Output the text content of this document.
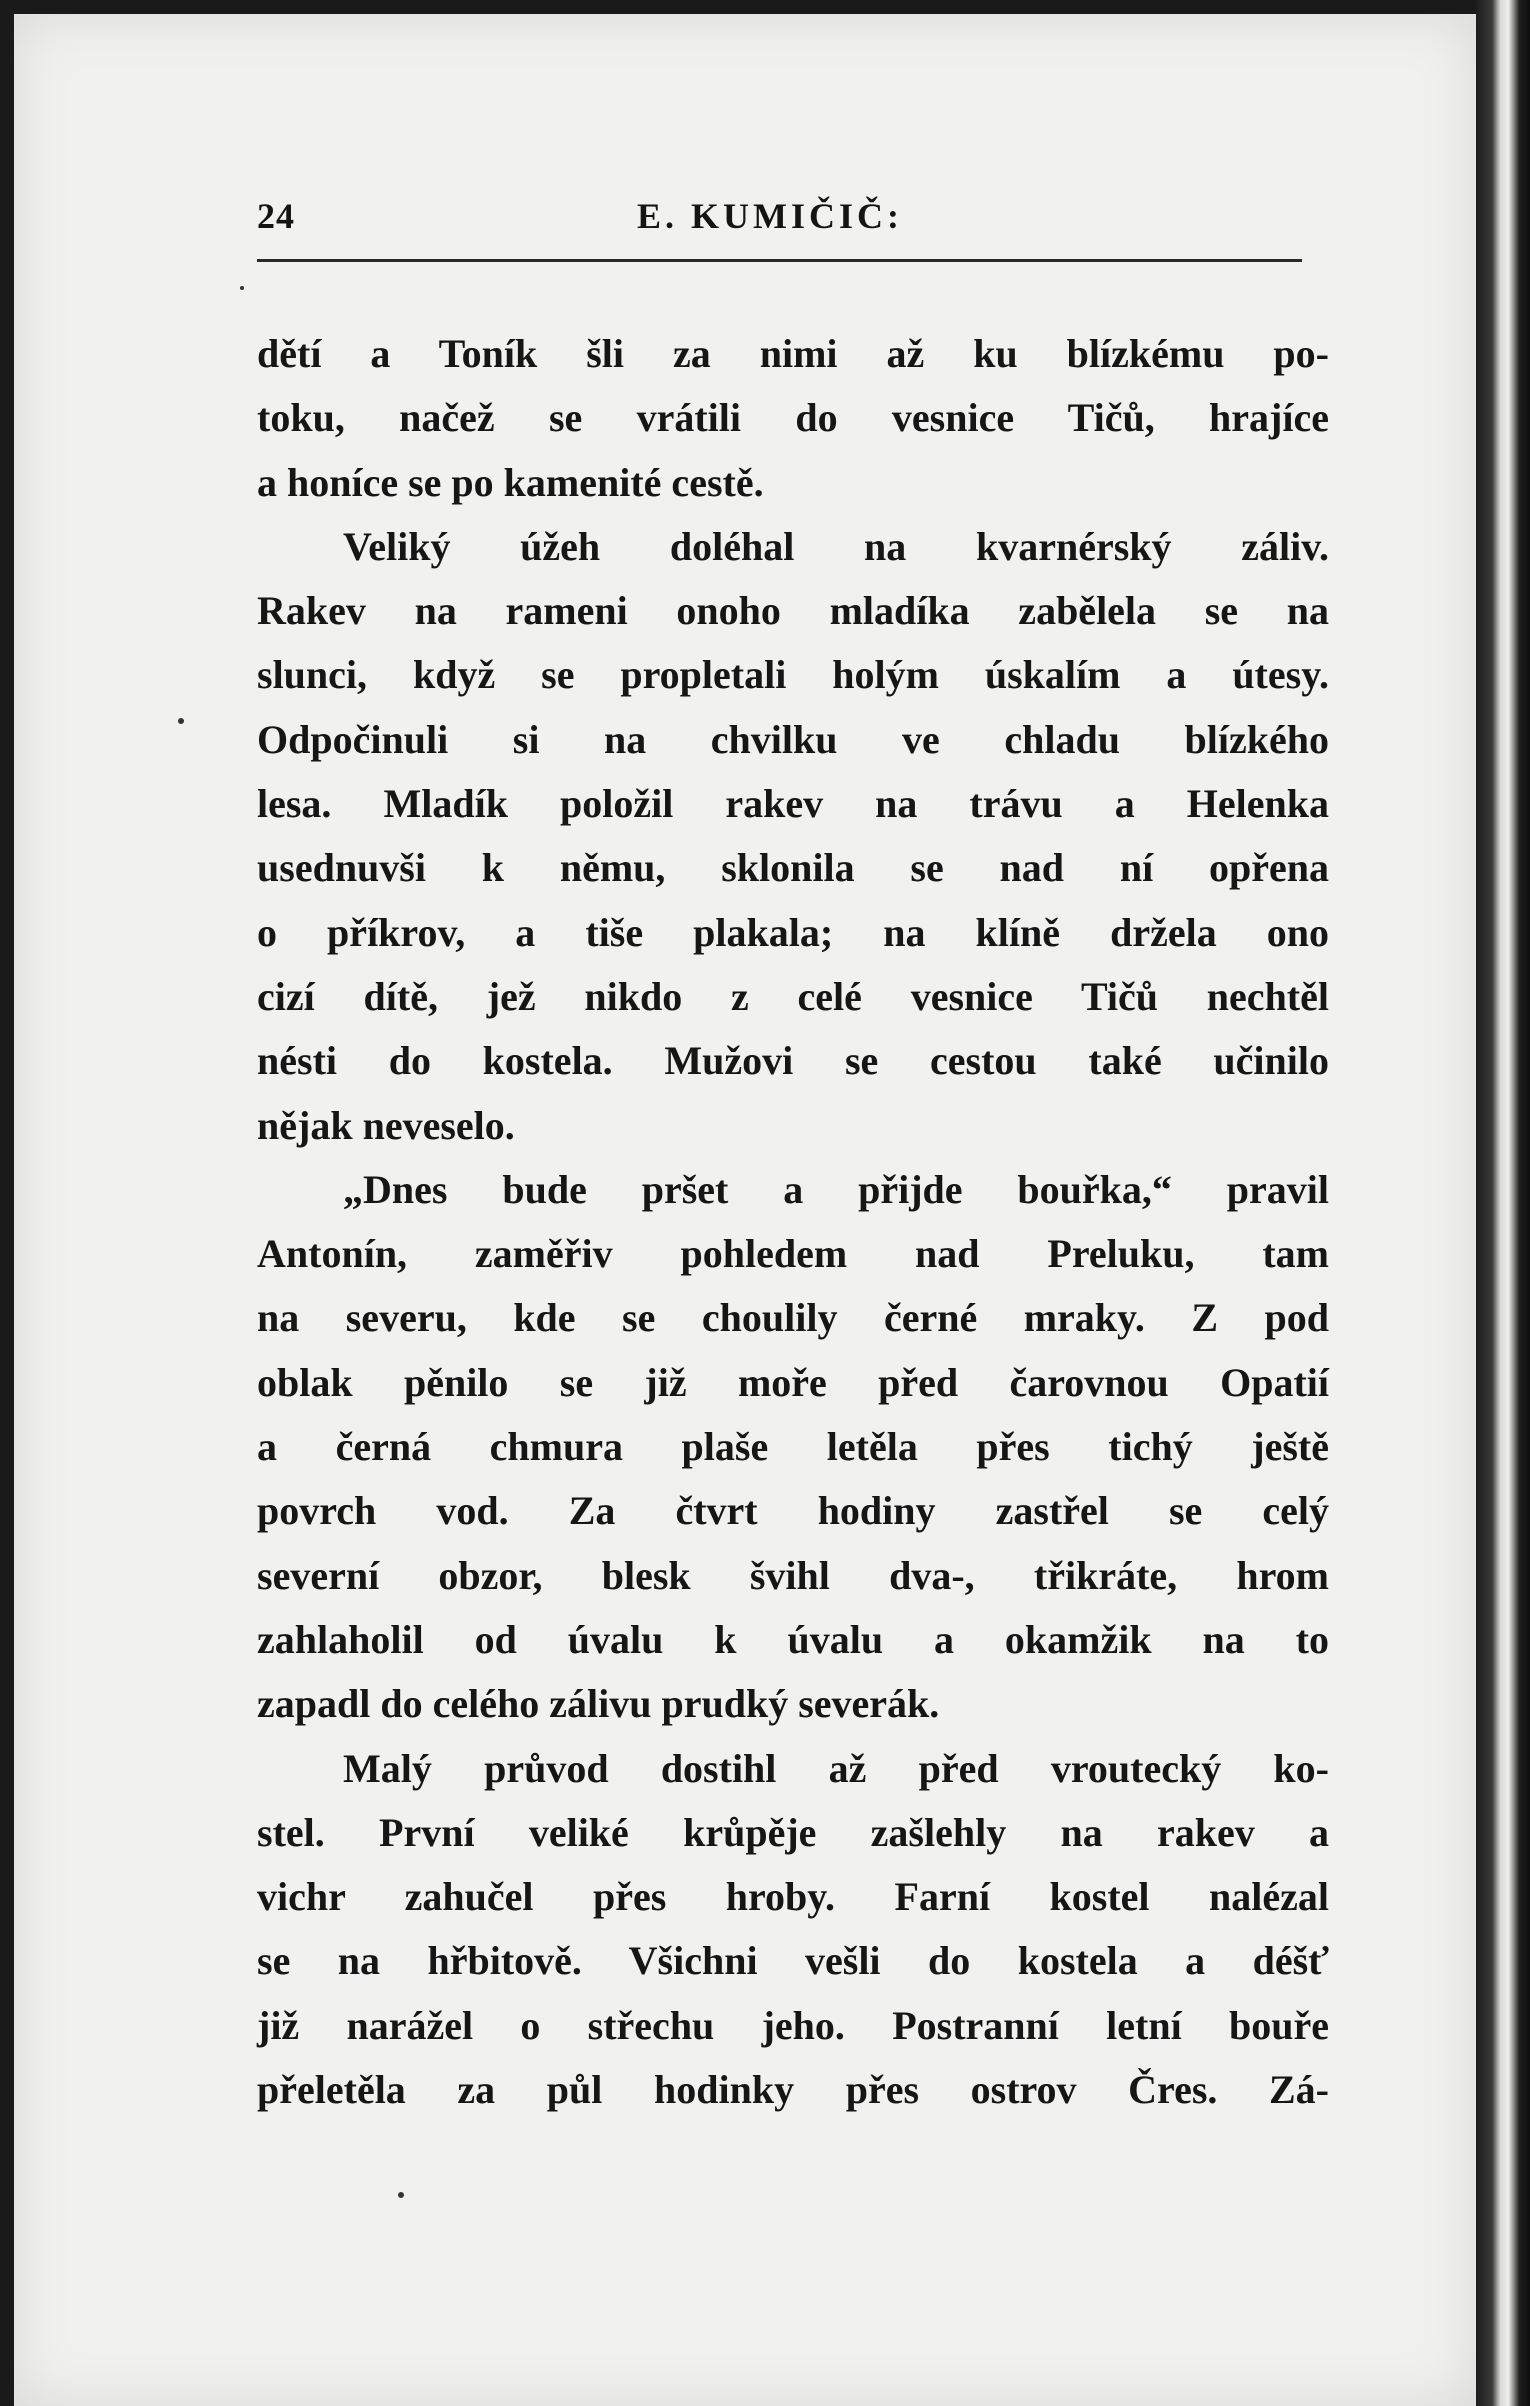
24	E. KUMIČIČ:
dětí a Toník šli za nimi až ku blízkému po-
toku, načež se vrátili do vesnice Tičů, hrajíce
a honíce se po kamenité cestě.
Veliký úžeh doléhal na kvarnérský záliv.
Rakev na rameni onoho mladíka zabělela se na
slunci, když se propletali holým úskalím a útesy.
Odpočinuli si na chvilku ve chladu blízkého
lesa. Mladík položil rakev na trávu a Helenka
usednuvši k němu, sklonila se nad ní opřena
o příkrov, a tiše plakala; na klíně držela ono
cizí dítě, jež nikdo z celé vesnice Tičů nechtěl
nésti do kostela. Mužovi se cestou také učinilo
nějak neveselo.
„Dnes bude pršet a přijde bouřka,“ pravil
Antonín, zaměřiv pohledem nad Preluku, tam
na severu, kde se choulily černé mraky. Z pod
oblak pěnilo se již moře před čarovnou Opatií
a černá chmura plaše letěla přes tichý ještě
povrch vod. Za čtvrt hodiny zastřel se celý
severní obzor, blesk švihl dva-, třikráte, hrom
zahlaholil od úvalu k úvalu a okamžik na to
zapadl do celého zálivu prudký severák.
Malý průvod dostihl až před vroutecký ko-
stel. První veliké krůpěje zašlehly na rakev a
vichr zahučel přes hroby. Farní kostel nalézal
se na hřbitově. Všichni vešli do kostela a déšť
již narážel o střechu jeho. Postranní letní bouře
přeletěla za půl hodinky přes ostrov Čres. Zá-
